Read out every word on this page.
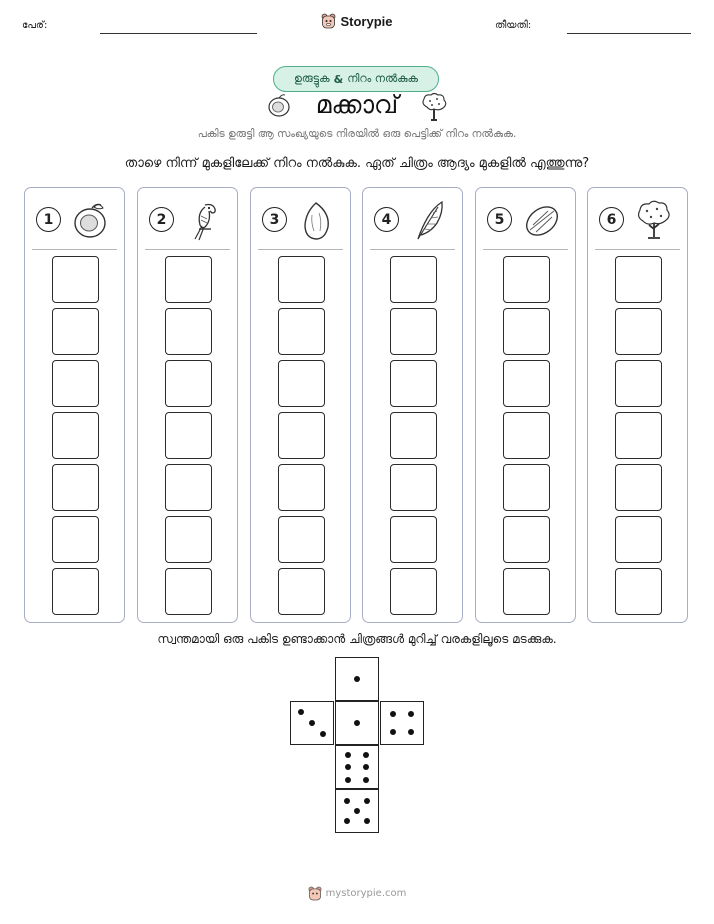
പേര്:	Storypie	തീയതി:
ഉരുട്ടുക & നിറം നൽകുക
മക്കാവ്
പകിട ഉരുട്ടി ആ സംഖ്യയുടെ നിരയിൽ ഒരു പെട്ടിക്ക് നിറം നൽകുക.
താഴെ നിന്ന് മുകളിലേക്ക് നിറം നൽകുക. ഏത് ചിത്രം ആദ്യം മുകളിൽ എത്തുന്നു?
1	2	3	4	5	6
സ്വന്തമായി ഒരു പകിട ഉണ്ടാക്കാൻ ചിത്രങ്ങൾ മുറിച്ച് വരകളിലൂടെ മടക്കുക.
mystorypie.com
